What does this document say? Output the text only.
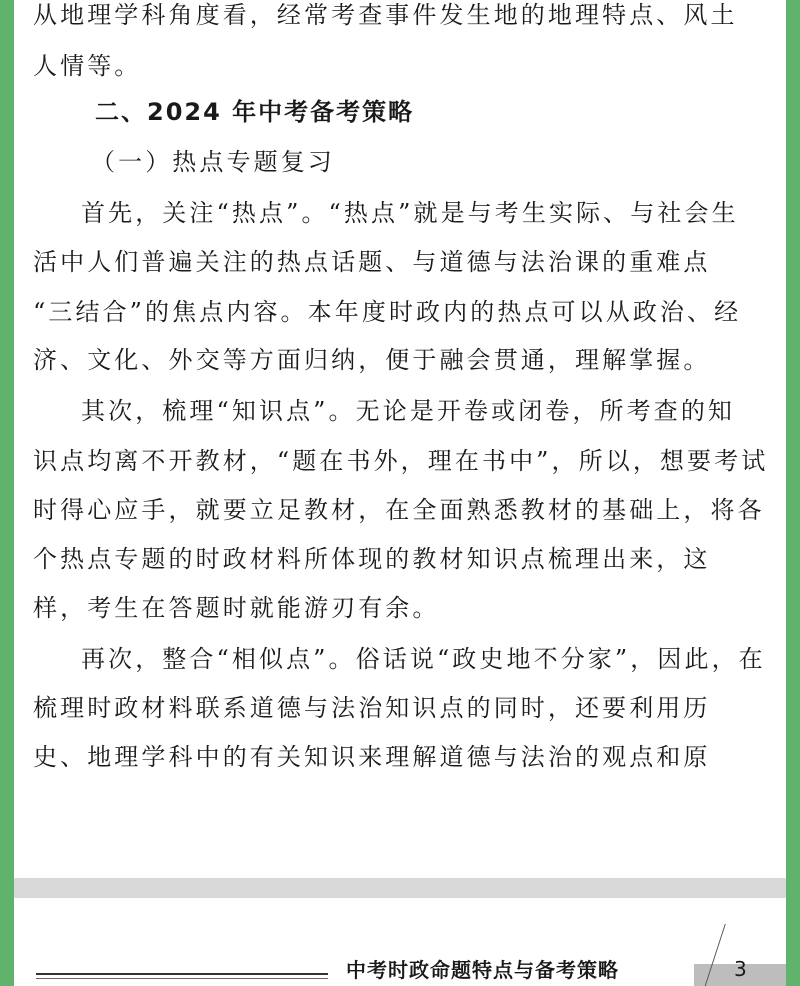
从地理学科角度看，经常考查事件发生地的地理特点、风土
人情等。
二、2024 年中考备考策略
（一）热点专题复习
首先，关注“热点”。“热点”就是与考生实际、与社会生
活中人们普遍关注的热点话题、与道德与法治课的重难点
“三结合”的焦点内容。本年度时政内的热点可以从政治、经
济、文化、外交等方面归纳，便于融会贯通，理解掌握。
其次，梳理“知识点”。无论是开卷或闭卷，所考查的知
识点均离不开教材，“题在书外，理在书中”，所以，想要考试
时得心应手，就要立足教材，在全面熟悉教材的基础上，将各
个热点专题的时政材料所体现的教材知识点梳理出来，这
样，考生在答题时就能游刃有余。
再次，整合“相似点”。俗话说“政史地不分家”，因此，在
梳理时政材料联系道德与法治知识点的同时，还要利用历
史、地理学科中的有关知识来理解道德与法治的观点和原
中考时政命题特点与备考策略	3
